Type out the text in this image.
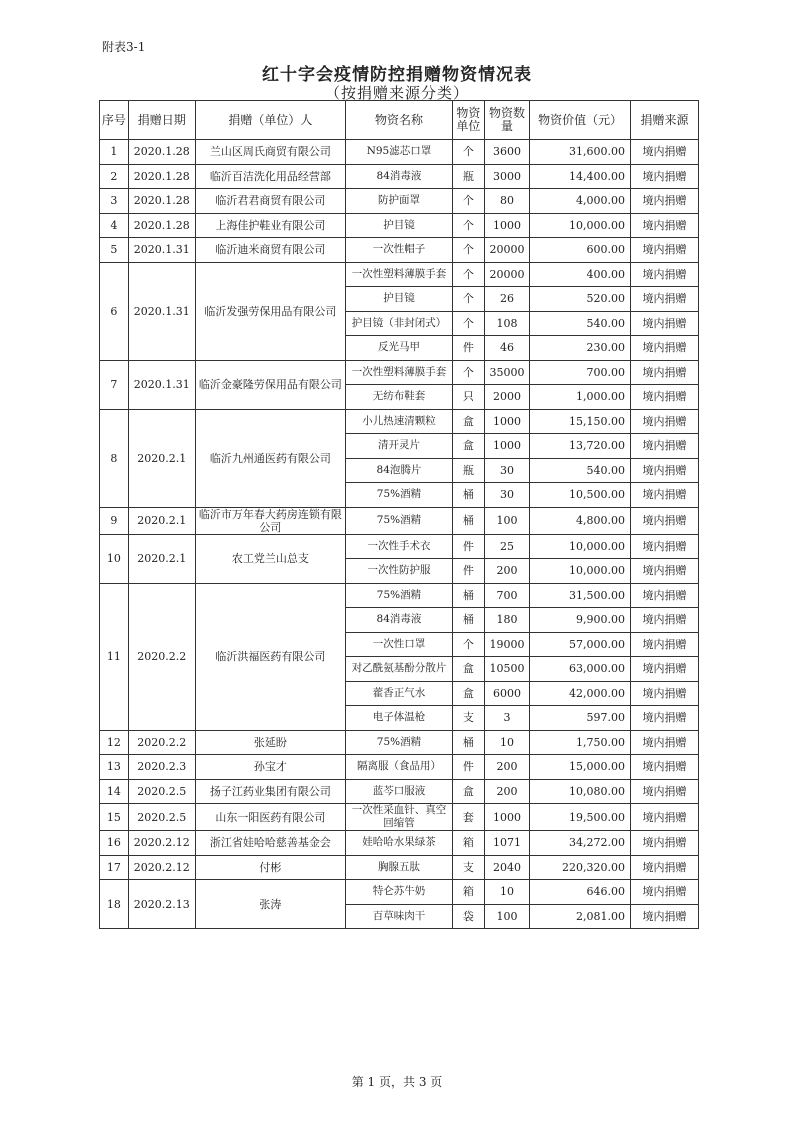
附表3-1
红十字会疫情防控捐赠物资情况表
（按捐赠来源分类）
序号	捐赠日期	捐赠（单位）人	物资名称	物资单位	物资数量	物资价值（元）	捐赠来源
1	2020.1.28	兰山区周氏商贸有限公司	N95滤芯口罩	个	3600	31,600.00	境内捐赠
2	2020.1.28	临沂百洁洗化用品经营部	84消毒液	瓶	3000	14,400.00	境内捐赠
3	2020.1.28	临沂君君商贸有限公司	防护面罩	个	80	4,000.00	境内捐赠
4	2020.1.28	上海佳护鞋业有限公司	护目镜	个	1000	10,000.00	境内捐赠
5	2020.1.31	临沂迪米商贸有限公司	一次性帽子	个	20000	600.00	境内捐赠
6	2020.1.31	临沂发强劳保用品有限公司	一次性塑料薄膜手套	个	20000	400.00	境内捐赠
			护目镜	个	26	520.00	境内捐赠
			护目镜（非封闭式）	个	108	540.00	境内捐赠
			反光马甲	件	46	230.00	境内捐赠
7	2020.1.31	临沂金豪隆劳保用品有限公司	一次性塑料薄膜手套	个	35000	700.00	境内捐赠
			无纺布鞋套	只	2000	1,000.00	境内捐赠
8	2020.2.1	临沂九州通医药有限公司	小儿热速清颗粒	盒	1000	15,150.00	境内捐赠
			清开灵片	盒	1000	13,720.00	境内捐赠
			84泡腾片	瓶	30	540.00	境内捐赠
			75%酒精	桶	30	10,500.00	境内捐赠
9	2020.2.1	临沂市万年春大药房连锁有限公司	75%酒精	桶	100	4,800.00	境内捐赠
10	2020.2.1	农工党兰山总支	一次性手术衣	件	25	10,000.00	境内捐赠
			一次性防护服	件	200	10,000.00	境内捐赠
11	2020.2.2	临沂洪福医药有限公司	75%酒精	桶	700	31,500.00	境内捐赠
			84消毒液	桶	180	9,900.00	境内捐赠
			一次性口罩	个	19000	57,000.00	境内捐赠
			对乙酰氨基酚分散片	盒	10500	63,000.00	境内捐赠
			藿香正气水	盒	6000	42,000.00	境内捐赠
			电子体温枪	支	3	597.00	境内捐赠
12	2020.2.2	张延盼	75%酒精	桶	10	1,750.00	境内捐赠
13	2020.2.3	孙宝才	隔离服（食品用）	件	200	15,000.00	境内捐赠
14	2020.2.5	扬子江药业集团有限公司	蓝芩口服液	盒	200	10,080.00	境内捐赠
15	2020.2.5	山东一阳医药有限公司	一次性采血针、真空回缩管	套	1000	19,500.00	境内捐赠
16	2020.2.12	浙江省娃哈哈慈善基金会	娃哈哈水果绿茶	箱	1071	34,272.00	境内捐赠
17	2020.2.12	付彬	胸腺五肽	支	2040	220,320.00	境内捐赠
18	2020.2.13	张涛	特仑苏牛奶	箱	10	646.00	境内捐赠
			百草味肉干	袋	100	2,081.00	境内捐赠
第 1 页，共 3 页
